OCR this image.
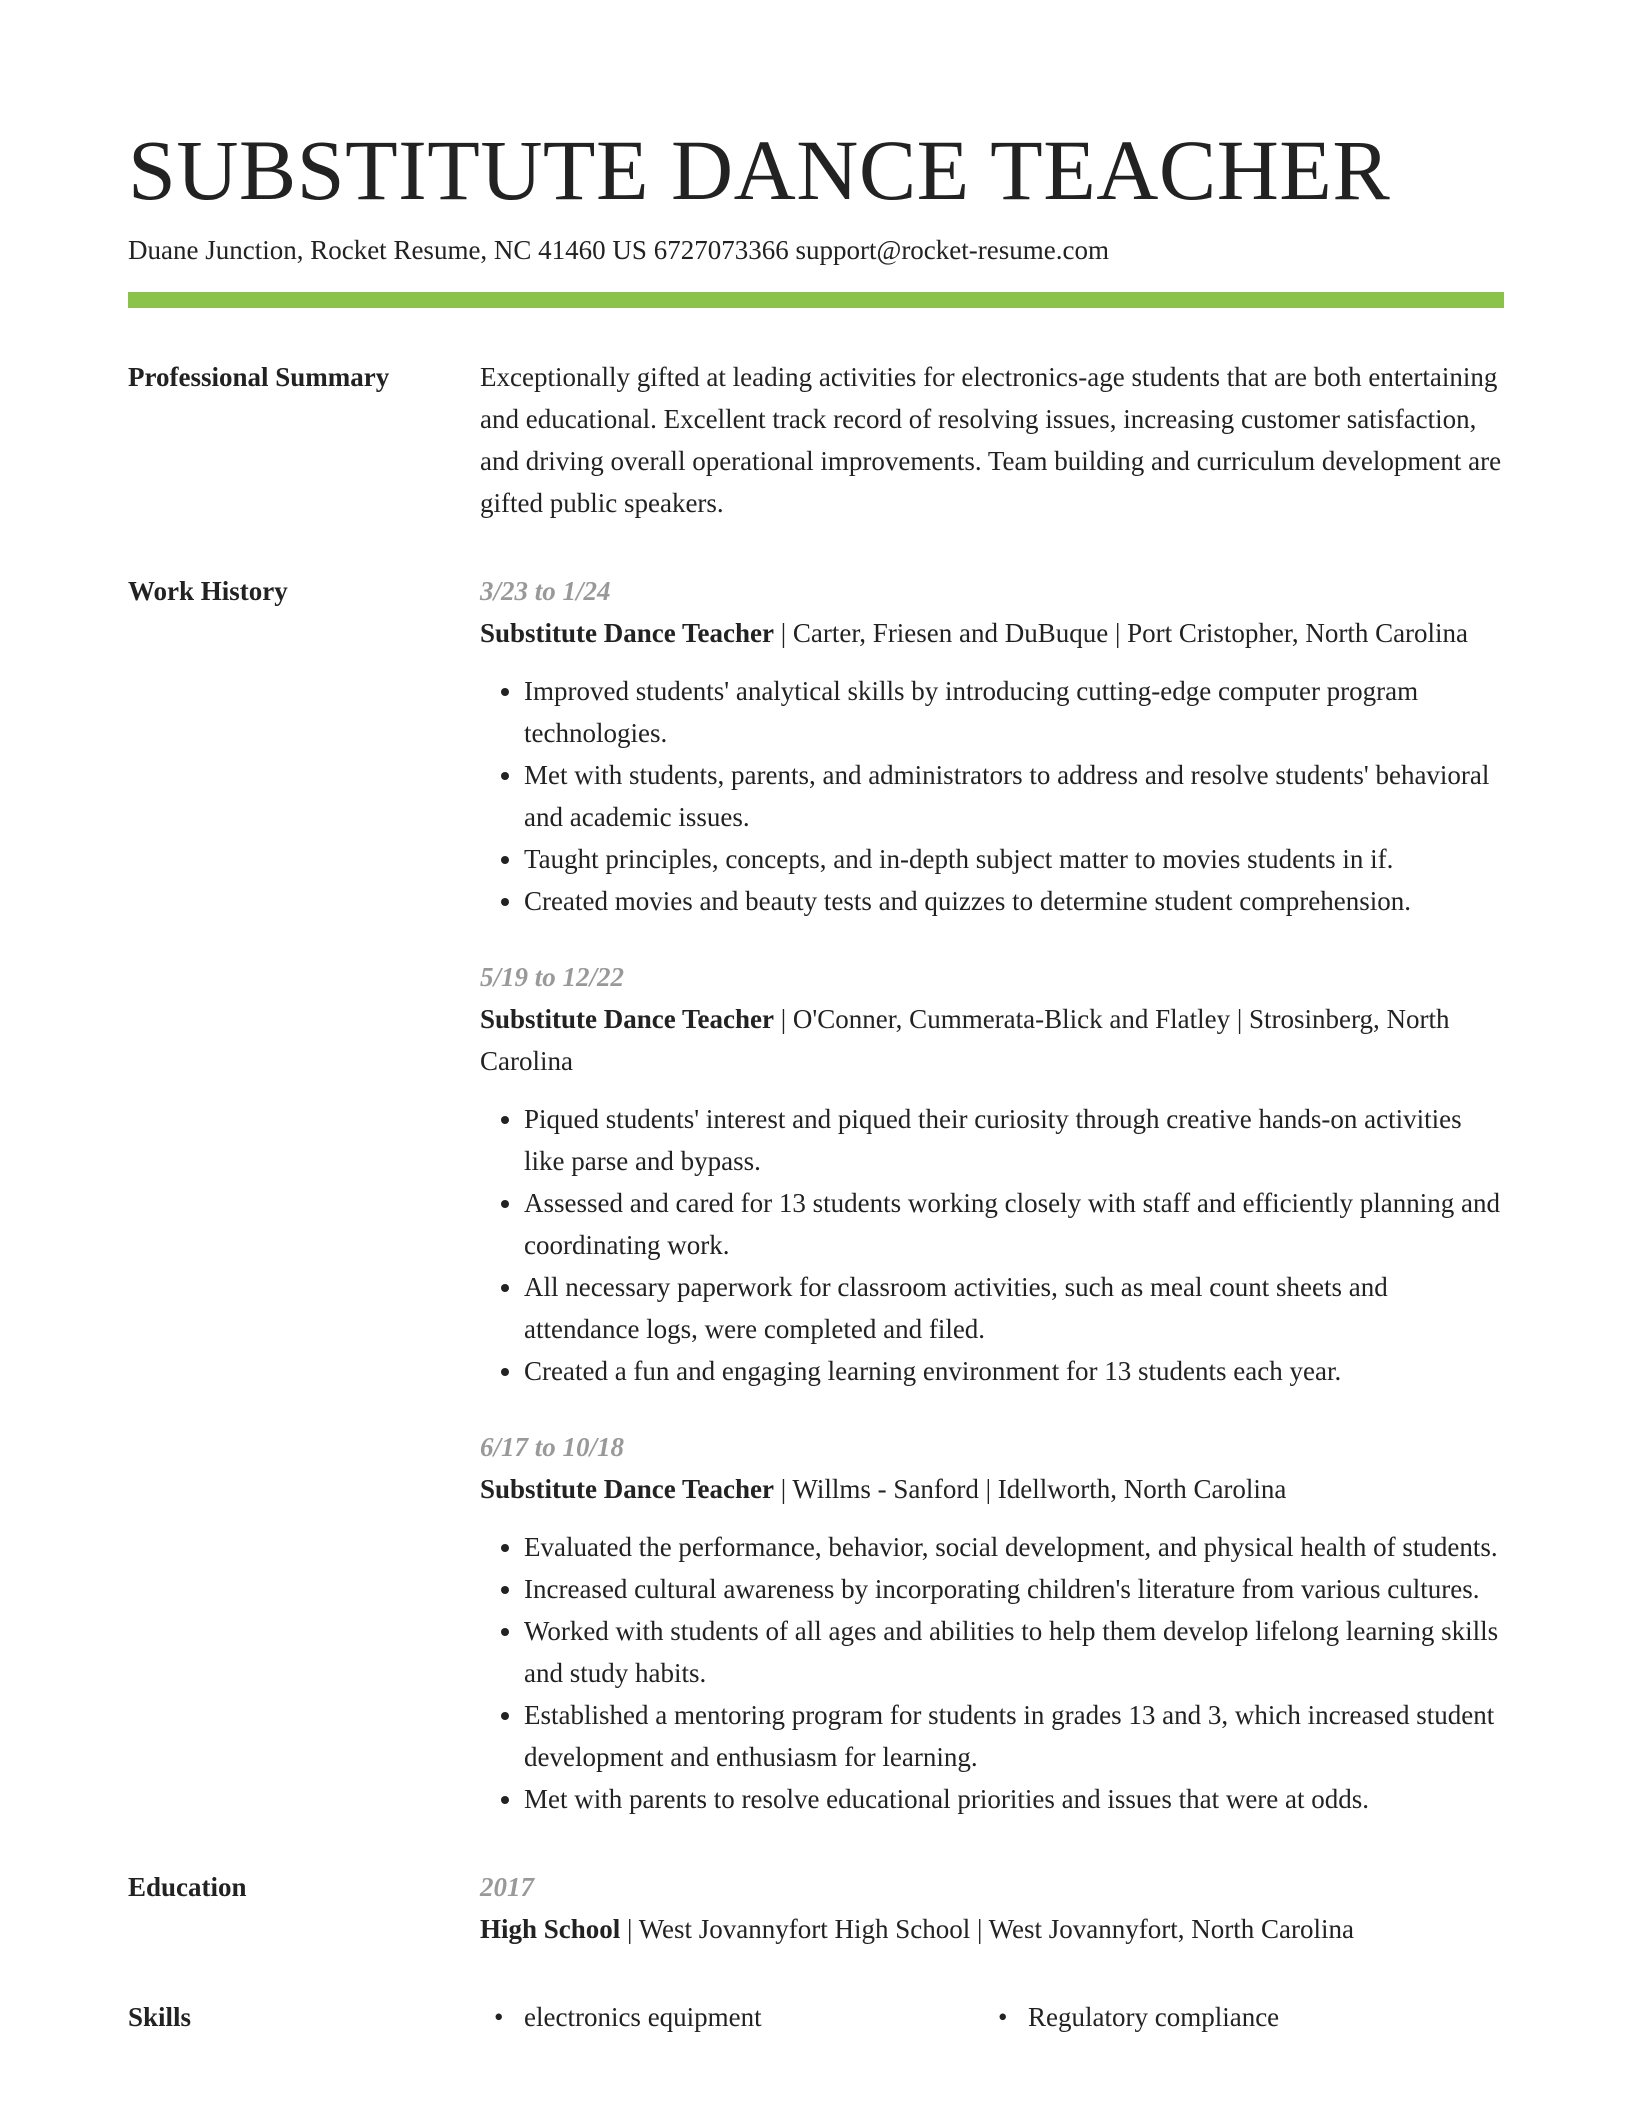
SUBSTITUTE DANCE TEACHER
Duane Junction, Rocket Resume, NC 41460 US 6727073366 support@rocket-resume.com
Professional Summary	Exceptionally gifted at leading activities for electronics-age students that are both entertaining and educational. Excellent track record of resolving issues, increasing customer satisfaction, and driving overall operational improvements. Team building and curriculum development are gifted public speakers.

Work History	3/23 to 1/24
Substitute Dance Teacher | Carter, Friesen and DuBuque | Port Cristopher, North Carolina
• Improved students' analytical skills by introducing cutting-edge computer program technologies.
• Met with students, parents, and administrators to address and resolve students' behavioral and academic issues.
• Taught principles, concepts, and in-depth subject matter to movies students in if.
• Created movies and beauty tests and quizzes to determine student comprehension.
5/19 to 12/22
Substitute Dance Teacher | O'Conner, Cummerata-Blick and Flatley | Strosinberg, North Carolina
• Piqued students' interest and piqued their curiosity through creative hands-on activities like parse and bypass.
• Assessed and cared for 13 students working closely with staff and efficiently planning and coordinating work.
• All necessary paperwork for classroom activities, such as meal count sheets and attendance logs, were completed and filed.
• Created a fun and engaging learning environment for 13 students each year.
6/17 to 10/18
Substitute Dance Teacher | Willms - Sanford | Idellworth, North Carolina
• Evaluated the performance, behavior, social development, and physical health of students.
• Increased cultural awareness by incorporating children's literature from various cultures.
• Worked with students of all ages and abilities to help them develop lifelong learning skills and study habits.
• Established a mentoring program for students in grades 13 and 3, which increased student development and enthusiasm for learning.
• Met with parents to resolve educational priorities and issues that were at odds.
Education	2017
High School | West Jovannyfort High School | West Jovannyfort, North Carolina
Skills	• electronics equipment	• Regulatory compliance
